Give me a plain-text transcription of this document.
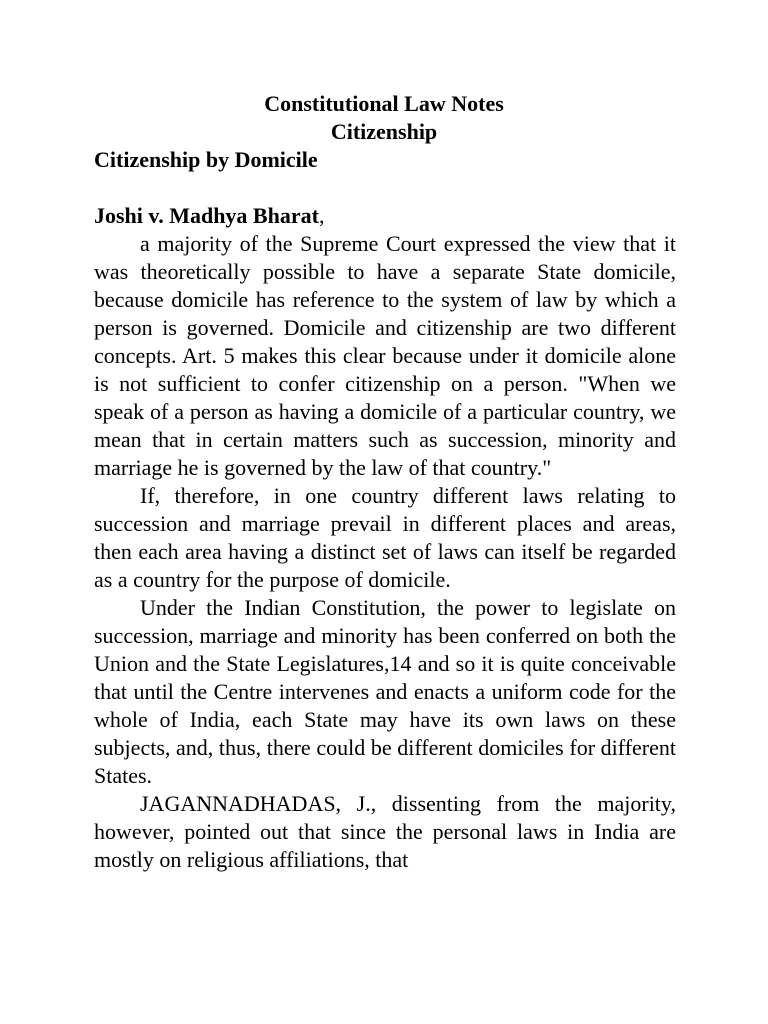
Constitutional Law Notes
Citizenship
Citizenship by Domicile
Joshi v. Madhya Bharat,

a majority of the Supreme Court expressed the view that it was theoretically possible to have a separate State domicile, because domicile has reference to the system of law by which a person is governed. Domicile and citizenship are two different concepts. Art. 5 makes this clear because under it domicile alone is not sufficient to confer citizenship on a person. "When we speak of a person as having a domicile of a particular country, we mean that in certain matters such as succession, minority and marriage he is governed by the law of that country."

If, therefore, in one country different laws relating to succession and marriage prevail in different places and areas, then each area having a distinct set of laws can itself be regarded as a country for the purpose of domicile.

Under the Indian Constitution, the power to legislate on succession, marriage and minority has been conferred on both the Union and the State Legislatures,14 and so it is quite conceivable that until the Centre intervenes and enacts a uniform code for the whole of India, each State may have its own laws on these subjects, and, thus, there could be different domiciles for different States.

JAGANNADHADAS, J., dissenting from the majority, however, pointed out that since the personal laws in India are mostly on religious affiliations, that
